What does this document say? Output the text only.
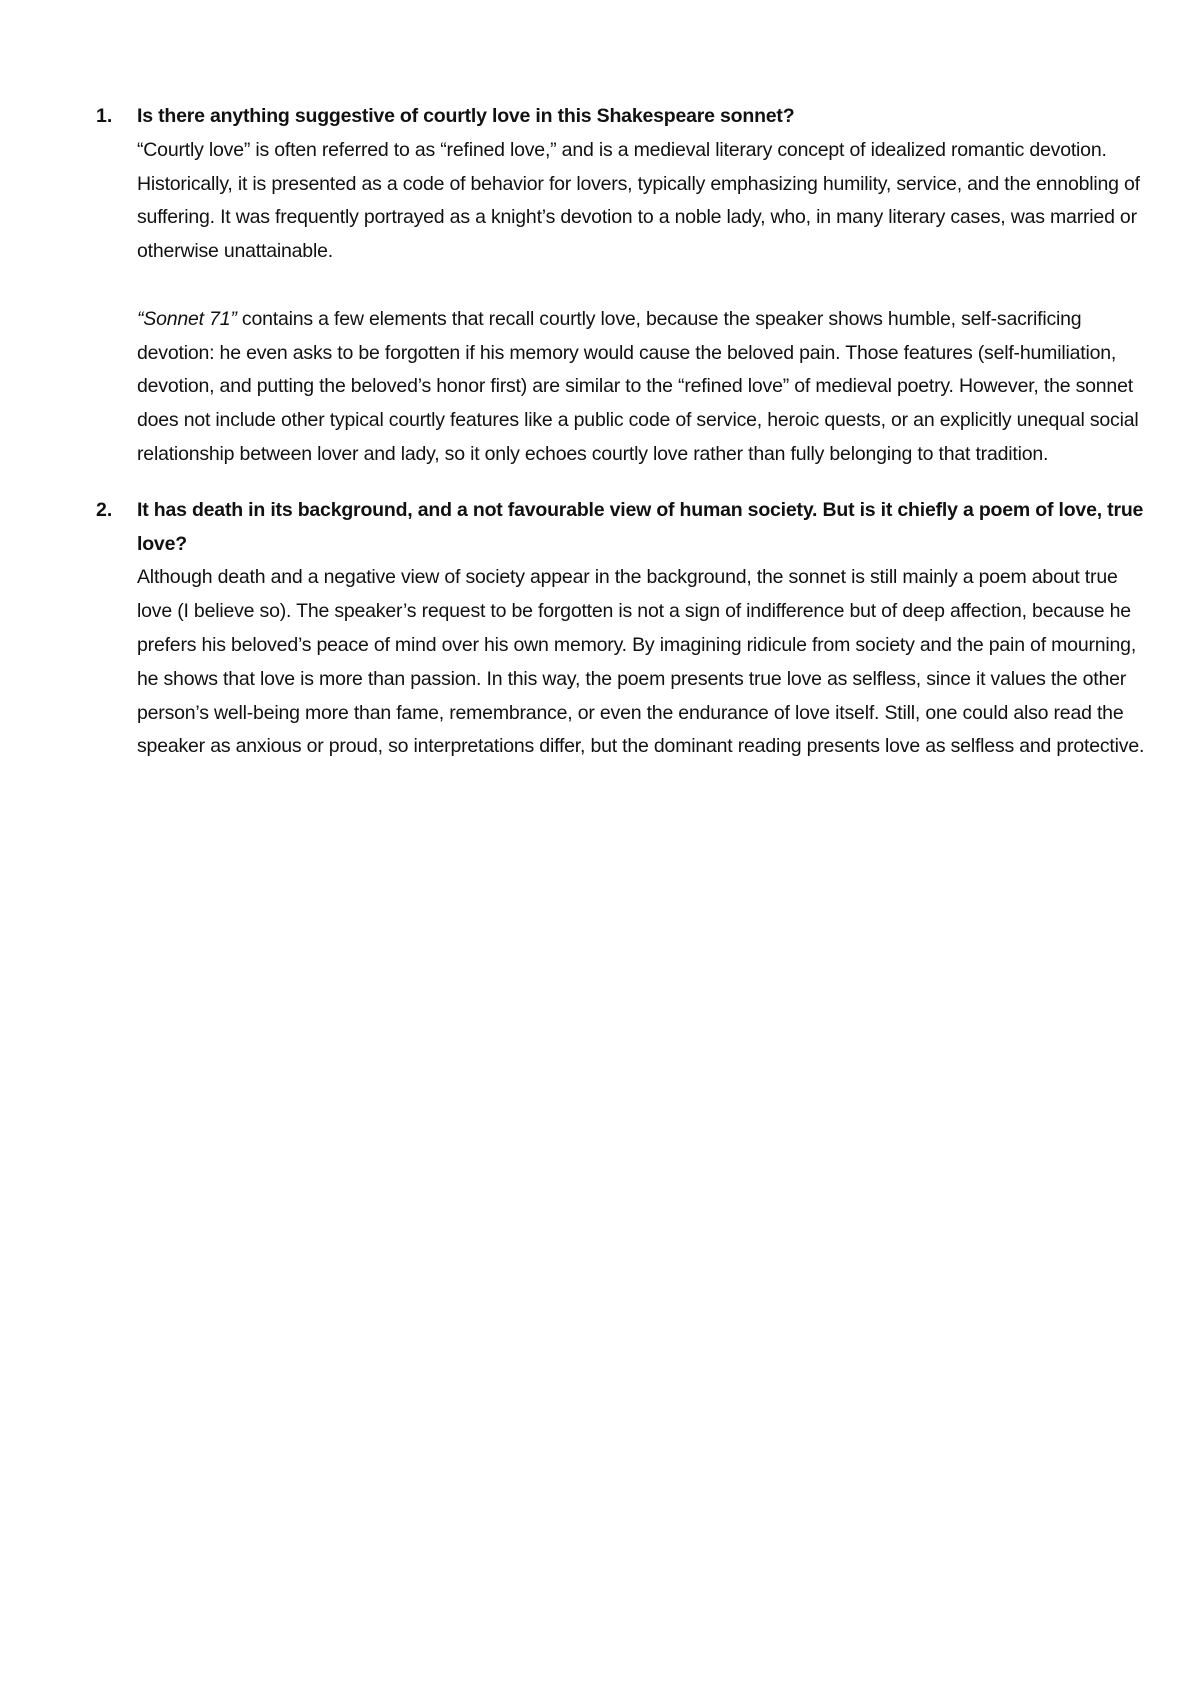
1. Is there anything suggestive of courtly love in this Shakespeare sonnet?

“Courtly love” is often referred to as “refined love,” and is a medieval literary concept of idealized romantic devotion. Historically, it is presented as a code of behavior for lovers, typically emphasizing humility, service, and the ennobling of suffering. It was frequently portrayed as a knight’s devotion to a noble lady, who, in many literary cases, was married or otherwise unattainable.

“Sonnet 71” contains a few elements that recall courtly love, because the speaker shows humble, self-sacrificing devotion: he even asks to be forgotten if his memory would cause the beloved pain. Those features (self-humiliation, devotion, and putting the beloved’s honor first) are similar to the “refined love” of medieval poetry. However, the sonnet does not include other typical courtly features like a public code of service, heroic quests, or an explicitly unequal social relationship between lover and lady, so it only echoes courtly love rather than fully belonging to that tradition.

2. It has death in its background, and a not favourable view of human society. But is it chiefly a poem of love, true love?

Although death and a negative view of society appear in the background, the sonnet is still mainly a poem about true love (I believe so). The speaker’s request to be forgotten is not a sign of indifference but of deep affection, because he prefers his beloved’s peace of mind over his own memory. By imagining ridicule from society and the pain of mourning, he shows that love is more than passion. In this way, the poem presents true love as selfless, since it values the other person’s well-being more than fame, remembrance, or even the endurance of love itself. Still, one could also read the speaker as anxious or proud, so interpretations differ, but the dominant reading presents love as selfless and protective.
